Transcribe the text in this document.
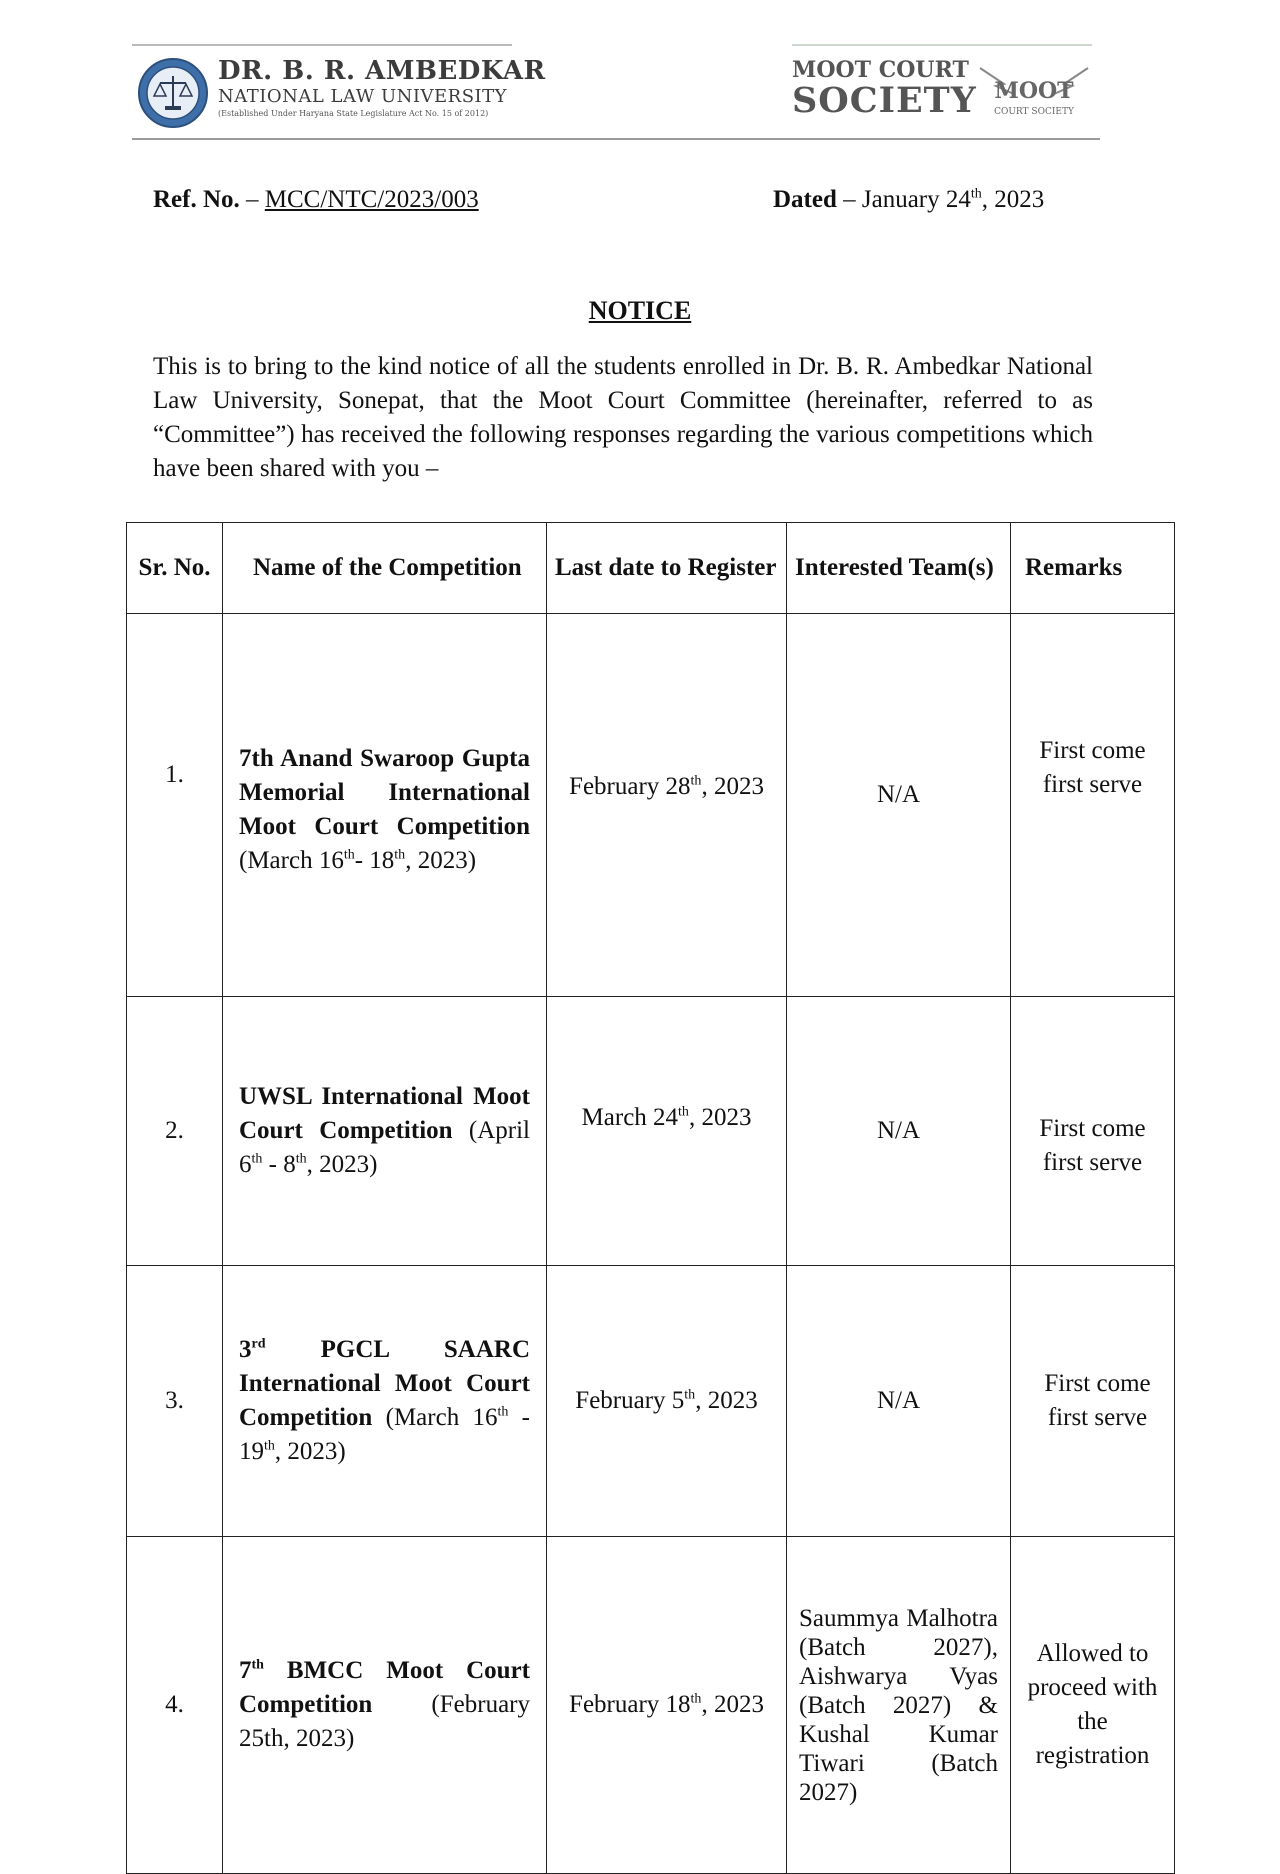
DR. B. R. AMBEDKAR
NATIONAL LAW UNIVERSITY
(Established Under Haryana State Legislature Act No. 15 of 2012)
MOOT COURT
SOCIETY MOOT
COURT SOCIETY
Ref. No. – MCC/NTC/2023/003	Dated – January 24th, 2023
NOTICE
This is to bring to the kind notice of all the students enrolled in Dr. B. R. Ambedkar National Law University, Sonepat, that the Moot Court Committee (hereinafter, referred to as “Committee”) has received the following responses regarding the various competitions which have been shared with you –
Sr. No.	Name of the Competition	Last date to Register	Interested Team(s)	Remarks
1.	7th Anand Swaroop Gupta Memorial International Moot Court Competition (March 16th- 18th, 2023)	February 28th, 2023	N/A	First come first serve
2.	UWSL International Moot Court Competition (April 6th - 8th, 2023)	March 24th, 2023	N/A	First come first serve
3.	3rd PGCL SAARC International Moot Court Competition (March 16th - 19th, 2023)	February 5th, 2023	N/A	First come first serve
4.	7th BMCC Moot Court Competition (February 25th, 2023)	February 18th, 2023	Saummya Malhotra (Batch 2027), Aishwarya Vyas (Batch 2027) & Kushal Kumar Tiwari (Batch 2027)	Allowed to proceed with the registration
